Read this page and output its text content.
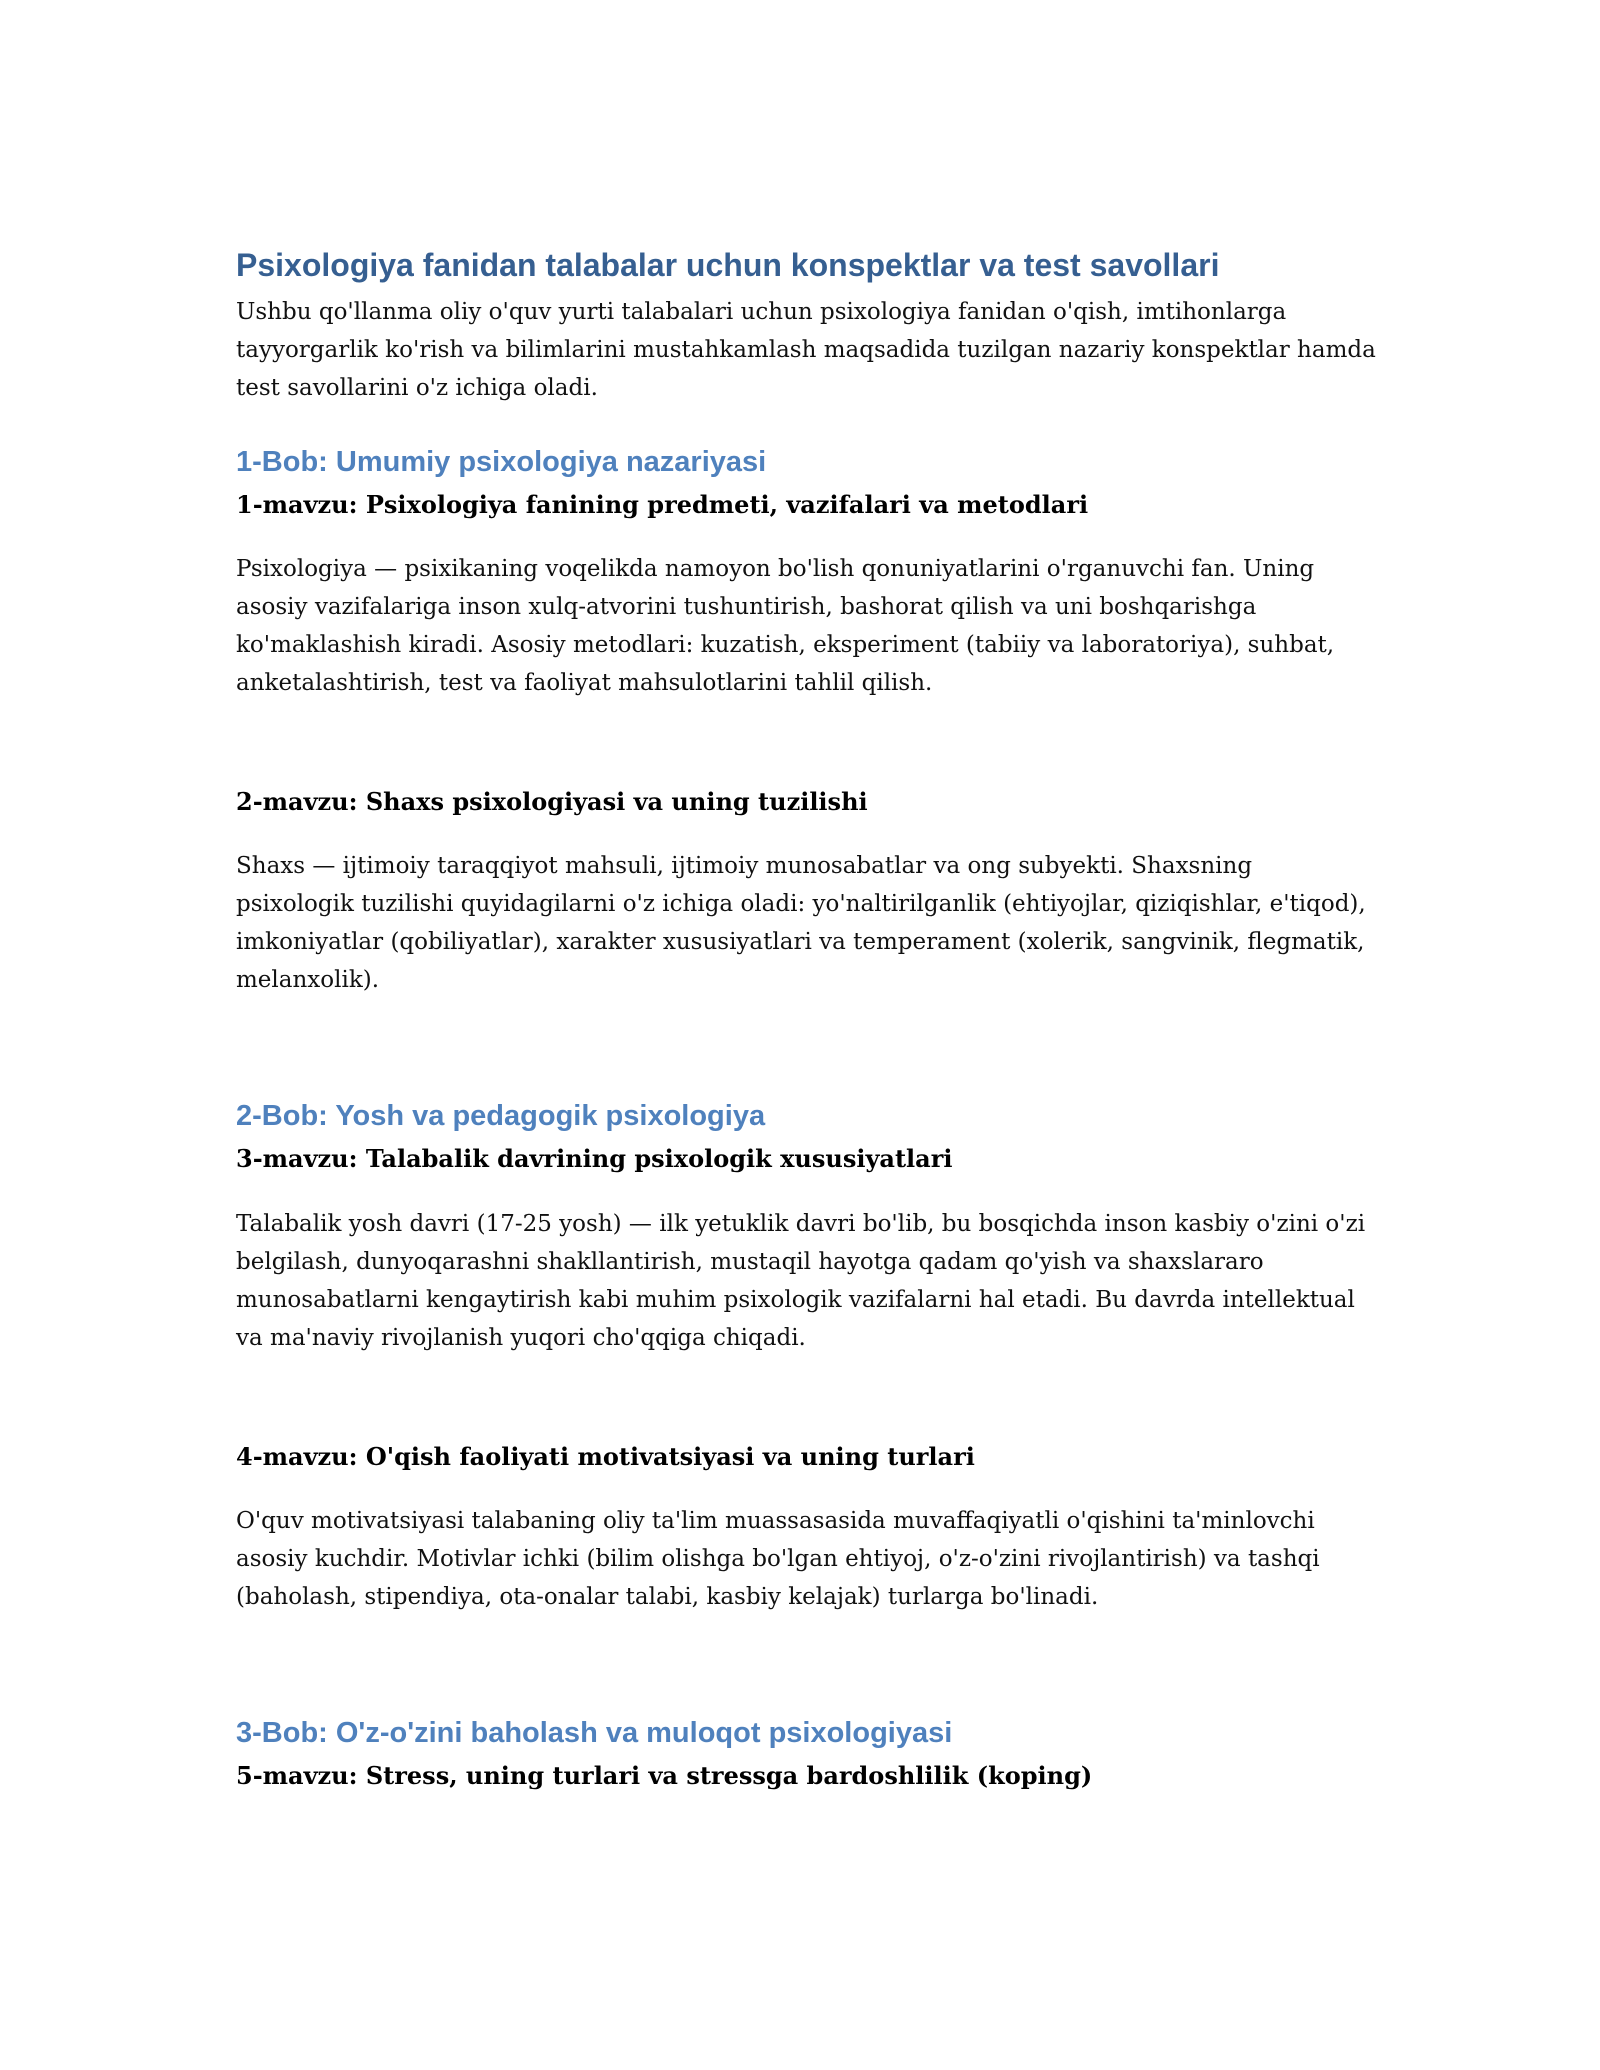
Psixologiya fanidan talabalar uchun konspektlar va test savollari

Ushbu qo'llanma oliy o'quv yurti talabalari uchun psixologiya fanidan o'qish, imtihonlarga tayyorgarlik ko'rish va bilimlarini mustahkamlash maqsadida tuzilgan nazariy konspektlar hamda test savollarini o'z ichiga oladi.

1-Bob: Umumiy psixologiya nazariyasi
1-mavzu: Psixologiya fanining predmeti, vazifalari va metodlari

Psixologiya — psixikaning voqelikda namoyon bo'lish qonuniyatlarini o'rganuvchi fan. Uning asosiy vazifalariga inson xulq-atvorini tushuntirish, bashorat qilish va uni boshqarishga ko'maklashish kiradi. Asosiy metodlari: kuzatish, eksperiment (tabiiy va laboratoriya), suhbat, anketalashtirish, test va faoliyat mahsulotlarini tahlil qilish.

2-mavzu: Shaxs psixologiyasi va uning tuzilishi

Shaxs — ijtimoiy taraqqiyot mahsuli, ijtimoiy munosabatlar va ong subyekti. Shaxsning psixologik tuzilishi quyidagilarni o'z ichiga oladi: yo'naltirilganlik (ehtiyojlar, qiziqishlar, e'tiqod), imkoniyatlar (qobiliyatlar), xarakter xususiyatlari va temperament (xolerik, sangvinik, flegmatik, melanxolik).

2-Bob: Yosh va pedagogik psixologiya
3-mavzu: Talabalik davrining psixologik xususiyatlari

Talabalik yosh davri (17-25 yosh) — ilk yetuklik davri bo'lib, bu bosqichda inson kasbiy o'zini o'zi belgilash, dunyoqarashni shakllantirish, mustaqil hayotga qadam qo'yish va shaxslararo munosabatlarni kengaytirish kabi muhim psixologik vazifalarni hal etadi. Bu davrda intellektual va ma'naviy rivojlanish yuqori cho'qqiga chiqadi.

4-mavzu: O'qish faoliyati motivatsiyasi va uning turlari

O'quv motivatsiyasi talabaning oliy ta'lim muassasasida muvaffaqiyatli o'qishini ta'minlovchi asosiy kuchdir. Motivlar ichki (bilim olishga bo'lgan ehtiyoj, o'z-o'zini rivojlantirish) va tashqi (baholash, stipendiya, ota-onalar talabi, kasbiy kelajak) turlarga bo'linadi.

3-Bob: O'z-o'zini baholash va muloqot psixologiyasi
5-mavzu: Stress, uning turlari va stressga bardoshlilik (koping)
